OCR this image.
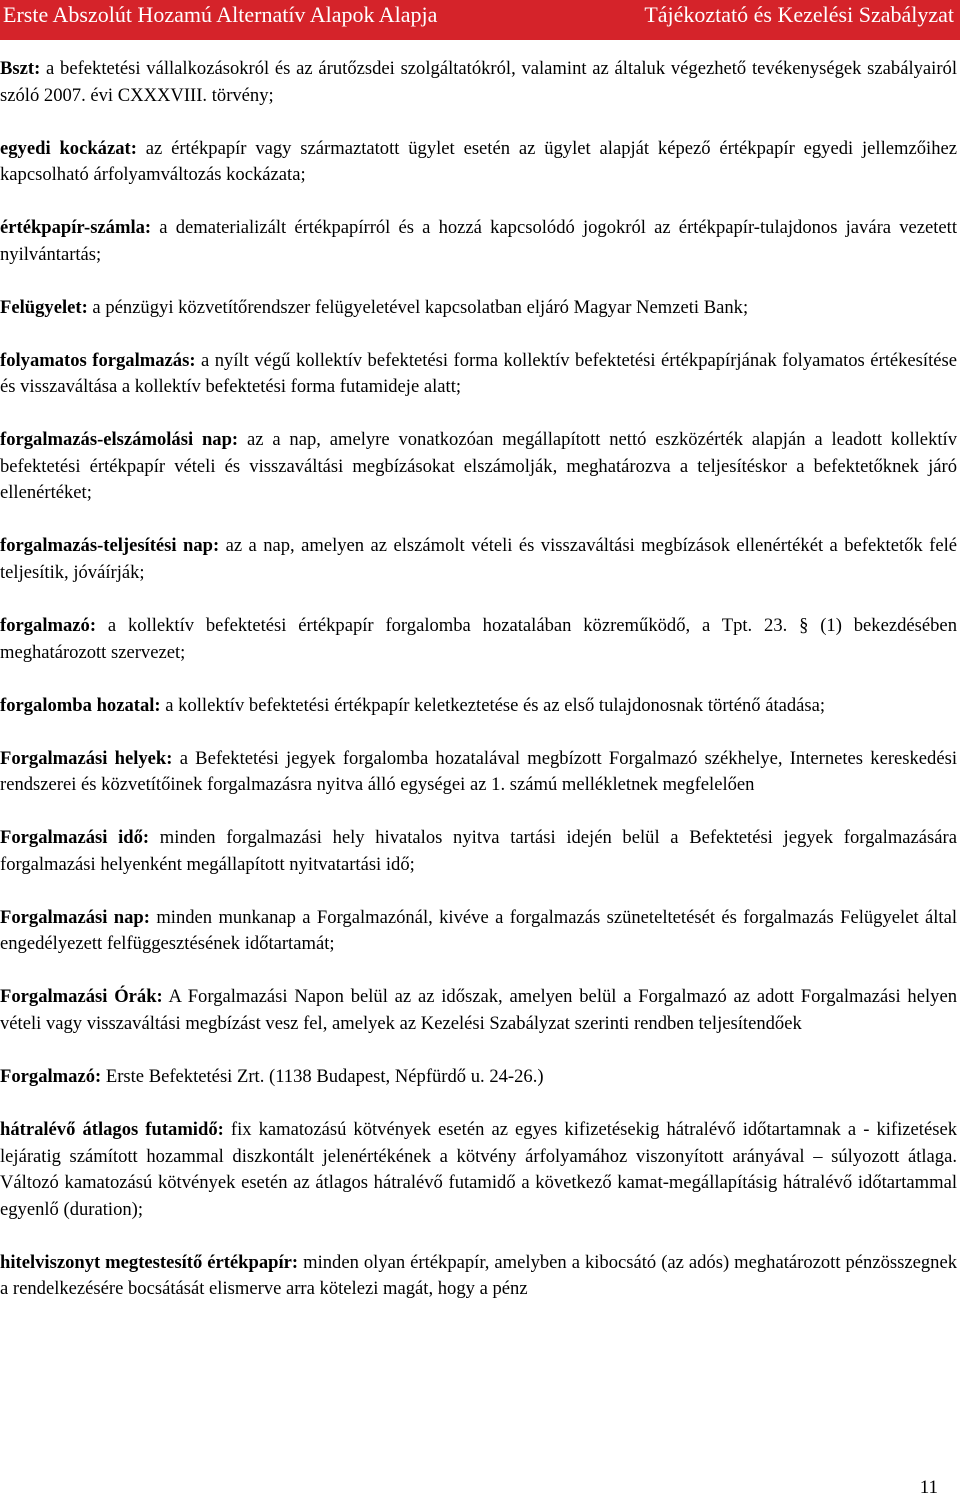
Erste Abszolút Hozamú Alternatív Alapok Alapja	Tájékoztató és Kezelési Szabályzat

Bszt: a befektetési vállalkozásokról és az árutőzsdei szolgáltatókról, valamint az általuk végezhető tevékenységek szabályairól szóló 2007. évi CXXXVIII. törvény;

egyedi kockázat: az értékpapír vagy származtatott ügylet esetén az ügylet alapját képező értékpapír egyedi jellemzőihez kapcsolható árfolyamváltozás kockázata;

értékpapír-számla: a dematerializált értékpapírról és a hozzá kapcsolódó jogokról az értékpapír-tulajdonos javára vezetett nyilvántartás;

Felügyelet: a pénzügyi közvetítőrendszer felügyeletével kapcsolatban eljáró Magyar Nemzeti Bank;

folyamatos forgalmazás: a nyílt végű kollektív befektetési forma kollektív befektetési értékpapírjának folyamatos értékesítése és visszaváltása a kollektív befektetési forma futamideje alatt;

forgalmazás-elszámolási nap: az a nap, amelyre vonatkozóan megállapított nettó eszközérték alapján a leadott kollektív befektetési értékpapír vételi és visszaváltási megbízásokat elszámolják, meghatározva a teljesítéskor a befektetőknek járó ellenértéket;

forgalmazás-teljesítési nap: az a nap, amelyen az elszámolt vételi és visszaváltási megbízások ellenértékét a befektetők felé teljesítik, jóváírják;

forgalmazó: a kollektív befektetési értékpapír forgalomba hozatalában közreműködő, a Tpt. 23. § (1) bekezdésében meghatározott szervezet;

forgalomba hozatal: a kollektív befektetési értékpapír keletkeztetése és az első tulajdonosnak történő átadása;

Forgalmazási helyek: a Befektetési jegyek forgalomba hozatalával megbízott Forgalmazó székhelye, Internetes kereskedési rendszerei és közvetítőinek forgalmazásra nyitva álló egységei az 1. számú mellékletnek megfelelően

Forgalmazási idő: minden forgalmazási hely hivatalos nyitva tartási idején belül a Befektetési jegyek forgalmazására forgalmazási helyenként megállapított nyitvatartási idő;

Forgalmazási nap: minden munkanap a Forgalmazónál, kivéve a forgalmazás szüneteltetését és forgalmazás Felügyelet által engedélyezett felfüggesztésének időtartamát;

Forgalmazási Órák: A Forgalmazási Napon belül az az időszak, amelyen belül a Forgalmazó az adott Forgalmazási helyen vételi vagy visszaváltási megbízást vesz fel, amelyek az Kezelési Szabályzat szerinti rendben teljesítendőek

Forgalmazó: Erste Befektetési Zrt. (1138 Budapest, Népfürdő u. 24-26.)

hátralévő átlagos futamidő: fix kamatozású kötvények esetén az egyes kifizetésekig hátralévő időtartamnak a - kifizetések lejáratig számított hozammal diszkontált jelenértékének a kötvény árfolyamához viszonyított arányával – súlyozott átlaga. Változó kamatozású kötvények esetén az átlagos hátralévő futamidő a következő kamat-megállapításig hátralévő időtartammal egyenlő (duration);

hitelviszonyt megtestesítő értékpapír: minden olyan értékpapír, amelyben a kibocsátó (az adós) meghatározott pénzösszegnek a rendelkezésére bocsátását elismerve arra kötelezi magát, hogy a pénz

11
